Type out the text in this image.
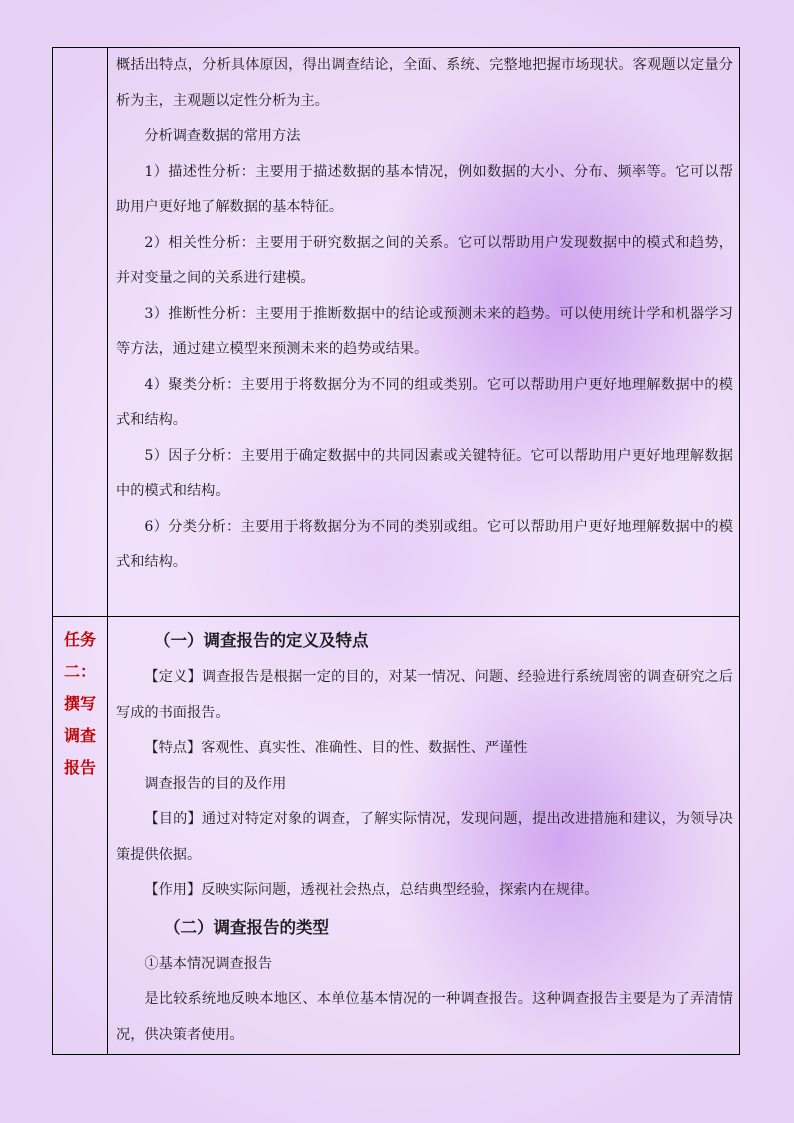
概括出特点，分析具体原因，得出调查结论，全面、系统、完整地把握市场现状。客观题以定量分析为主，主观题以定性分析为主。

分析调查数据的常用方法

1）描述性分析：主要用于描述数据的基本情况，例如数据的大小、分布、频率等。它可以帮助用户更好地了解数据的基本特征。

2）相关性分析：主要用于研究数据之间的关系。它可以帮助用户发现数据中的模式和趋势，并对变量之间的关系进行建模。

3）推断性分析：主要用于推断数据中的结论或预测未来的趋势。可以使用统计学和机器学习等方法，通过建立模型来预测未来的趋势或结果。

4）聚类分析：主要用于将数据分为不同的组或类别。它可以帮助用户更好地理解数据中的模式和结构。

5）因子分析：主要用于确定数据中的共同因素或关键特征。它可以帮助用户更好地理解数据中的模式和结构。

6）分类分析：主要用于将数据分为不同的类别或组。它可以帮助用户更好地理解数据中的模式和结构。

任务
二：
撰写
调查
报告

（一）调查报告的定义及特点

【定义】调查报告是根据一定的目的，对某一情况、问题、经验进行系统周密的调查研究之后写成的书面报告。

【特点】客观性、真实性、准确性、目的性、数据性、严谨性

调查报告的目的及作用

【目的】通过对特定对象的调查，了解实际情况，发现问题，提出改进措施和建议，为领导决策提供依据。

【作用】反映实际问题，透视社会热点，总结典型经验，探索内在规律。

（二）调查报告的类型

①基本情况调查报告

是比较系统地反映本地区、本单位基本情况的一种调查报告。这种调查报告主要是为了弄清情况，供决策者使用。
